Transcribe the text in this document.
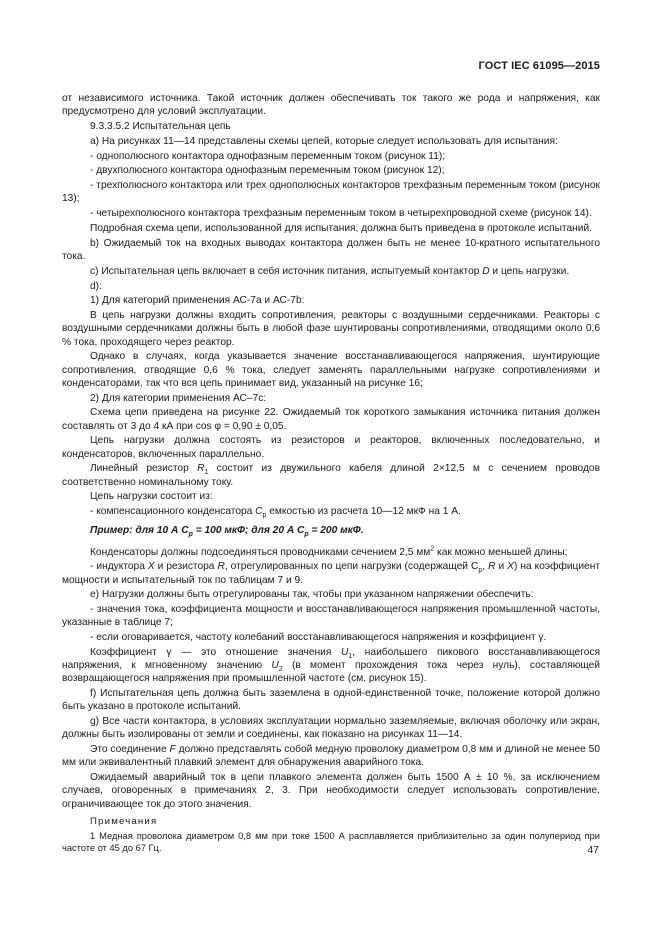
ГОСТ IEC 61095—2015

от независимого источника. Такой источник должен обеспечивать ток такого же рода и напряжения, как предусмотрено для условий эксплуатации.

9.3.3.5.2 Испытательная цепь

а) На рисунках 11—14 представлены схемы цепей, которые следует использовать для испытания:

- однополюсного контактора однофазным переменным током (рисунок 11);

- двухполюсного контактора однофазным переменным током (рисунок 12);

- трехполюсного контактора или трех однополюсных контакторов трехфазным переменным током (рисунок 13);

- четырехполюсного контактора трехфазным переменным током в четырехпроводной схеме (рисунок 14).

Подробная схема цепи, использованной для испытания, должна быть приведена в протоколе испытаний.

b) Ожидаемый ток на входных выводах контактора должен быть не менее 10-кратного испытательного тока.

с) Испытательная цепь включает в себя источник питания, испытуемый контактор D и цепь нагрузки.

d):

1) Для категорий применения АС-7а и АС-7b:

В цепь нагрузки должны входить сопротивления, реакторы с воздушными сердечниками. Реакторы с воздушными сердечниками должны быть в любой фазе шунтированы сопротивлениями, отводящими около 0,6 % тока, проходящего через реактор.

Однако в случаях, когда указывается значение восстанавливающегося напряжения, шунтирующие сопротивления, отводящие 0,6 % тока, следует заменять параллельными нагрузке сопротивлениями и конденсаторами, так что вся цепь принимает вид, указанный на рисунке 16;

2) Для категории применения АС–7с:

Схема цепи приведена на рисунке 22. Ожидаемый ток короткого замыкания источника питания должен составлять от 3 до 4 кА при cos φ = 0,90 ± 0,05.

Цепь нагрузки должна состоять из резисторов и реакторов, включенных последовательно, и конденсаторов, включенных параллельно.

Линейный резистор $R_1$ состоит из двужильного кабеля длиной 2×12,5 м с сечением проводов соответственно номинальному току.

Цепь нагрузки состоит из:

- компенсационного конденсатора $C_p$ емкостью из расчета 10—12 мкФ на 1 А.

Пример: для 10 А $C_p = 100$ мкФ; для 20 А $C_p = 200$ мкФ.

Конденсаторы должны подсоединяться проводниками сечением 2,5 $мм^2$ как можно меньшей длины;

- индуктора X и резистора R, отрегулированных по цепи нагрузки (содержащей $C_p$, R и X) на коэффициент мощности и испытательный ток по таблицам 7 и 9.

е) Нагрузки должны быть отрегулированы так, чтобы при указанном напряжении обеспечить:

- значения тока, коэффициента мощности и восстанавливающегося напряжения промышленной частоты, указанные в таблице 7;

- если оговаривается, частоту колебаний восстанавливающегося напряжения и коэффициент γ.

Коэффициент γ — это отношение значения $U_1$, наибольшего пикового восстанавливающегося напряжения, к мгновенному значению $U_2$ (в момент прохождения тока через нуль), составляющей возвращающегося напряжения при промышленной частоте (см. рисунок 15).

f) Испытательная цепь должна быть заземлена в одной-единственной точке, положение которой должно быть указано в протоколе испытаний.

g) Все части контактора, в условиях эксплуатации нормально заземляемые, включая оболочку или экран, должны быть изолированы от земли и соединены, как показано на рисунках 11—14.

Это соединение F должно представлять собой медную проволоку диаметром 0,8 мм и длиной не менее 50 мм или эквивалентный плавкий элемент для обнаружения аварийного тока.

Ожидаемый аварийный ток в цепи плавкого элемента должен быть 1500 А ± 10 %, за исключением случаев, оговоренных в примечаниях 2, 3. При необходимости следует использовать сопротивление, ограничивающее ток до этого значения.

Примечания

1 Медная проволока диаметром 0,8 мм при токе 1500 А расплавляется приблизительно за один полупериод при частоте от 45 до 67 Гц.	47
